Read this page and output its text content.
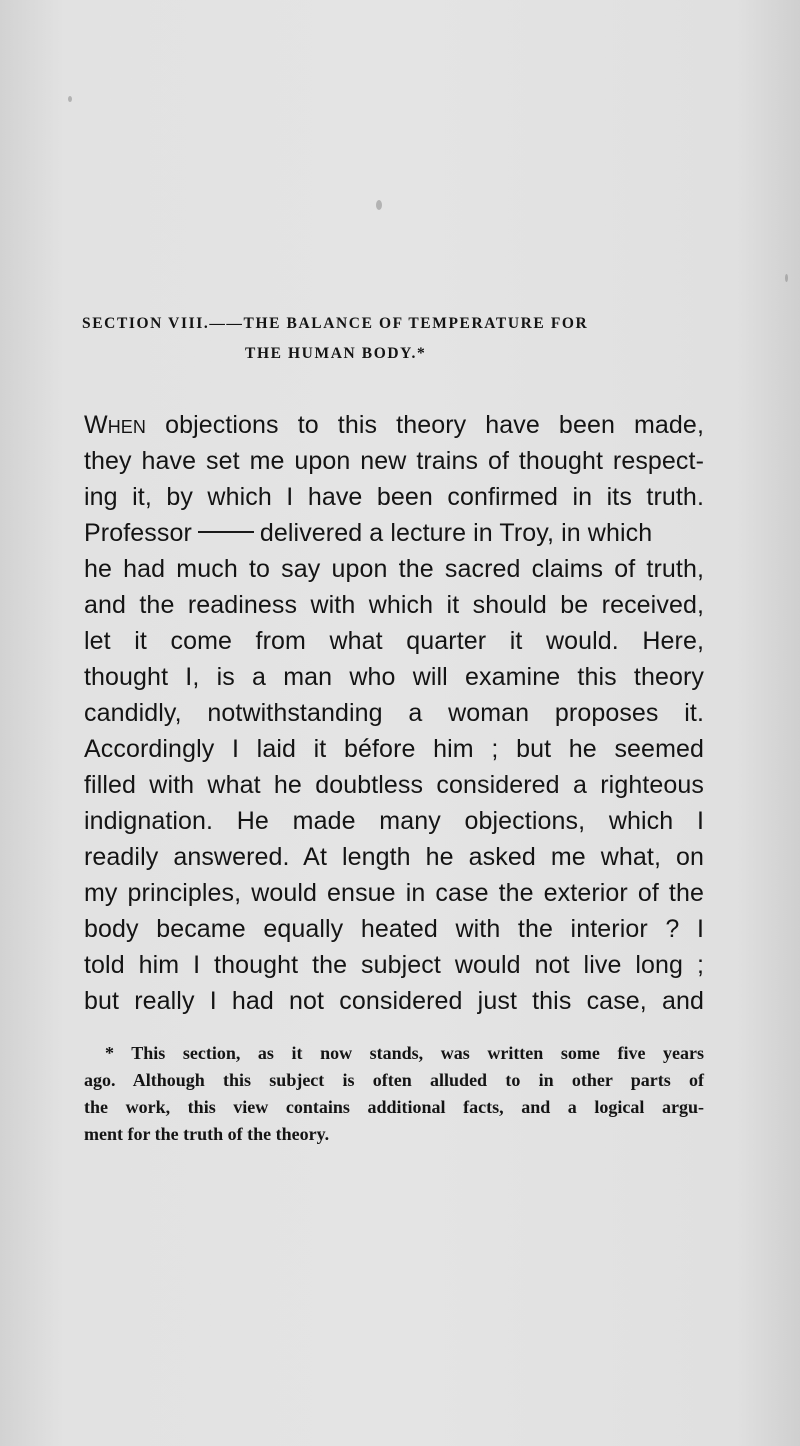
SECTION VIII.——THE BALANCE OF TEMPERATURE FOR
THE HUMAN BODY.*
When objections to this theory have been made,
they have set me upon new trains of thought respect-
ing it, by which I have been confirmed in its truth.
Professor	delivered a lecture in Troy, in which
he had much to say upon the sacred claims of truth,
and the readiness with which it should be received,
let it come from what quarter it would. Here,
thought I, is a man who will examine this theory
candidly, notwithstanding a woman proposes it.
Accordingly I laid it béfore him ; but he seemed
filled with what he doubtless considered a righteous
indignation. He made many objections, which I
readily answered. At length he asked me what, on
my principles, would ensue in case the exterior of the
body became equally heated with the interior ? I
told him I thought the subject would not live long ;
but really I had not considered just this case, and
* This section, as it now stands, was written some five years
ago. Although this subject is often alluded to in other parts of
the work, this view contains additional facts, and a logical argu-
ment for the truth of the theory.
